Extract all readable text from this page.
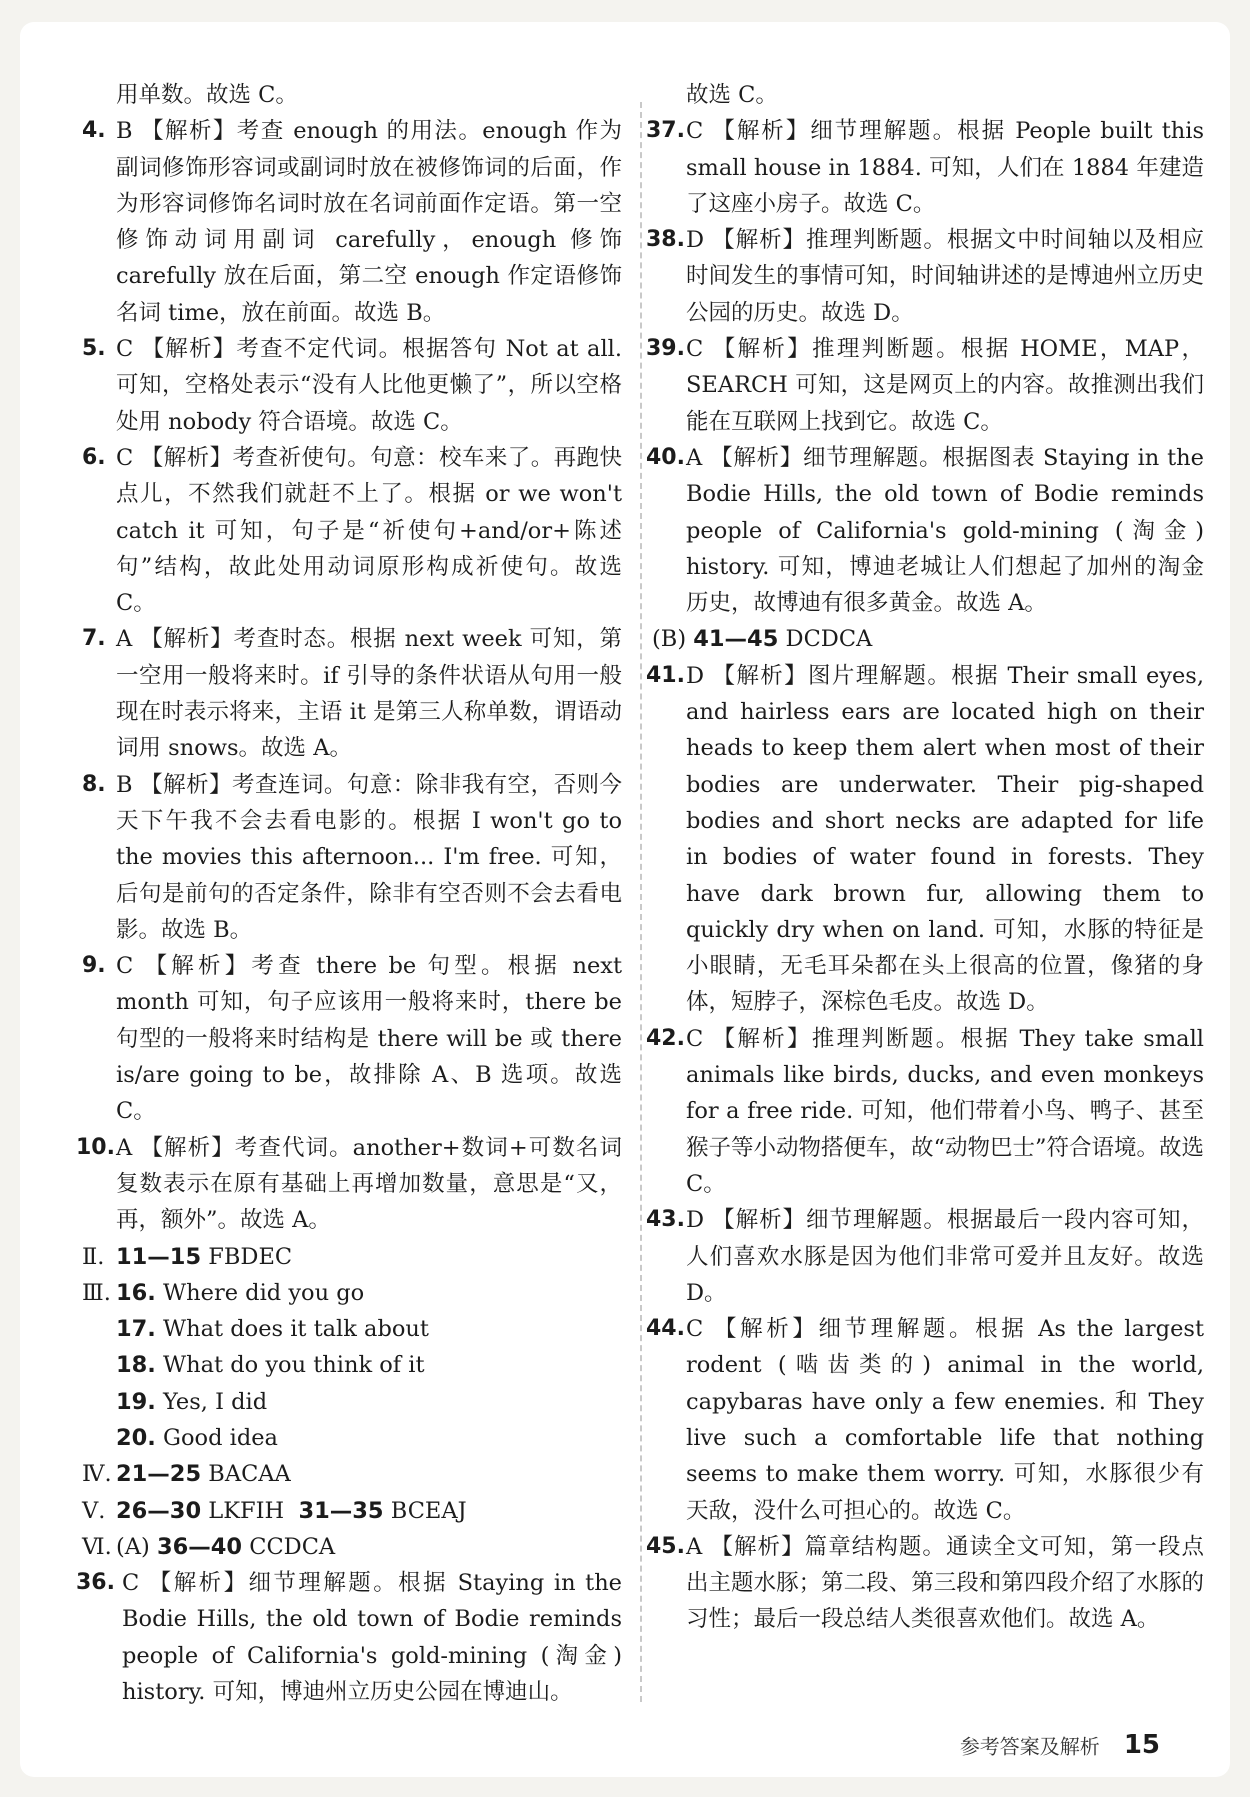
用单数。故选 C。
4. B 【解析】考查 enough 的用法。enough 作为副词修饰形容词或副词时放在被修饰词的后面，作为形容词修饰名词时放在名词前面作定语。第一空修饰动词用副词 carefully，enough 修饰 carefully 放在后面，第二空 enough 作定语修饰名词 time，放在前面。故选 B。
5. C 【解析】考查不定代词。根据答句 Not at all. 可知，空格处表示“没有人比他更懒了”，所以空格处用 nobody 符合语境。故选 C。
6. C 【解析】考查祈使句。句意：校车来了。再跑快点儿，不然我们就赶不上了。根据 or we won't catch it 可知，句子是“祈使句+and/or+陈述句”结构，故此处用动词原形构成祈使句。故选 C。
7. A 【解析】考查时态。根据 next week 可知，第一空用一般将来时。if 引导的条件状语从句用一般现在时表示将来，主语 it 是第三人称单数，谓语动词用 snows。故选 A。
8. B 【解析】考查连词。句意：除非我有空，否则今天下午我不会去看电影的。根据 I won't go to the movies this afternoon... I'm free. 可知，后句是前句的否定条件，除非有空否则不会去看电影。故选 B。
9. C 【解析】考查 there be 句型。根据 next month 可知，句子应该用一般将来时，there be 句型的一般将来时结构是 there will be 或 there is/are going to be，故排除 A、B 选项。故选 C。
10. A 【解析】考查代词。another+数词+可数名词复数表示在原有基础上再增加数量，意思是“又，再，额外”。故选 A。
Ⅱ. 11—15 FBDEC
Ⅲ. 16. Where did you go
17. What does it talk about
18. What do you think of it
19. Yes, I did
20. Good idea
Ⅳ. 21—25 BACAA
Ⅴ. 26—30 LKFIH 31—35 BCEAJ
Ⅵ. (A) 36—40 CCDCA
36. C 【解析】细节理解题。根据 Staying in the Bodie Hills, the old town of Bodie reminds people of California's gold-mining (淘金) history. 可知，博迪州立历史公园在博迪山。
故选 C。
37. C 【解析】细节理解题。根据 People built this small house in 1884. 可知，人们在 1884 年建造了这座小房子。故选 C。
38. D 【解析】推理判断题。根据文中时间轴以及相应时间发生的事情可知，时间轴讲述的是博迪州立历史公园的历史。故选 D。
39. C 【解析】推理判断题。根据 HOME，MAP，SEARCH 可知，这是网页上的内容。故推测出我们能在互联网上找到它。故选 C。
40. A 【解析】细节理解题。根据图表 Staying in the Bodie Hills, the old town of Bodie reminds people of California's gold-mining (淘金) history. 可知，博迪老城让人们想起了加州的淘金历史，故博迪有很多黄金。故选 A。
(B) 41—45 DCDCA
41. D 【解析】图片理解题。根据 Their small eyes, and hairless ears are located high on their heads to keep them alert when most of their bodies are underwater. Their pig-shaped bodies and short necks are adapted for life in bodies of water found in forests. They have dark brown fur, allowing them to quickly dry when on land. 可知，水豚的特征是小眼睛，无毛耳朵都在头上很高的位置，像猪的身体，短脖子，深棕色毛皮。故选 D。
42. C 【解析】推理判断题。根据 They take small animals like birds, ducks, and even monkeys for a free ride. 可知，他们带着小鸟、鸭子、甚至猴子等小动物搭便车，故“动物巴士”符合语境。故选 C。
43. D 【解析】细节理解题。根据最后一段内容可知，人们喜欢水豚是因为他们非常可爱并且友好。故选 D。
44. C 【解析】细节理解题。根据 As the largest rodent (啮齿类的) animal in the world, capybaras have only a few enemies. 和 They live such a comfortable life that nothing seems to make them worry. 可知，水豚很少有天敌，没什么可担心的。故选 C。
45. A 【解析】篇章结构题。通读全文可知，第一段点出主题水豚；第二段、第三段和第四段介绍了水豚的习性；最后一段总结人类很喜欢他们。故选 A。
参考答案及解析 15
